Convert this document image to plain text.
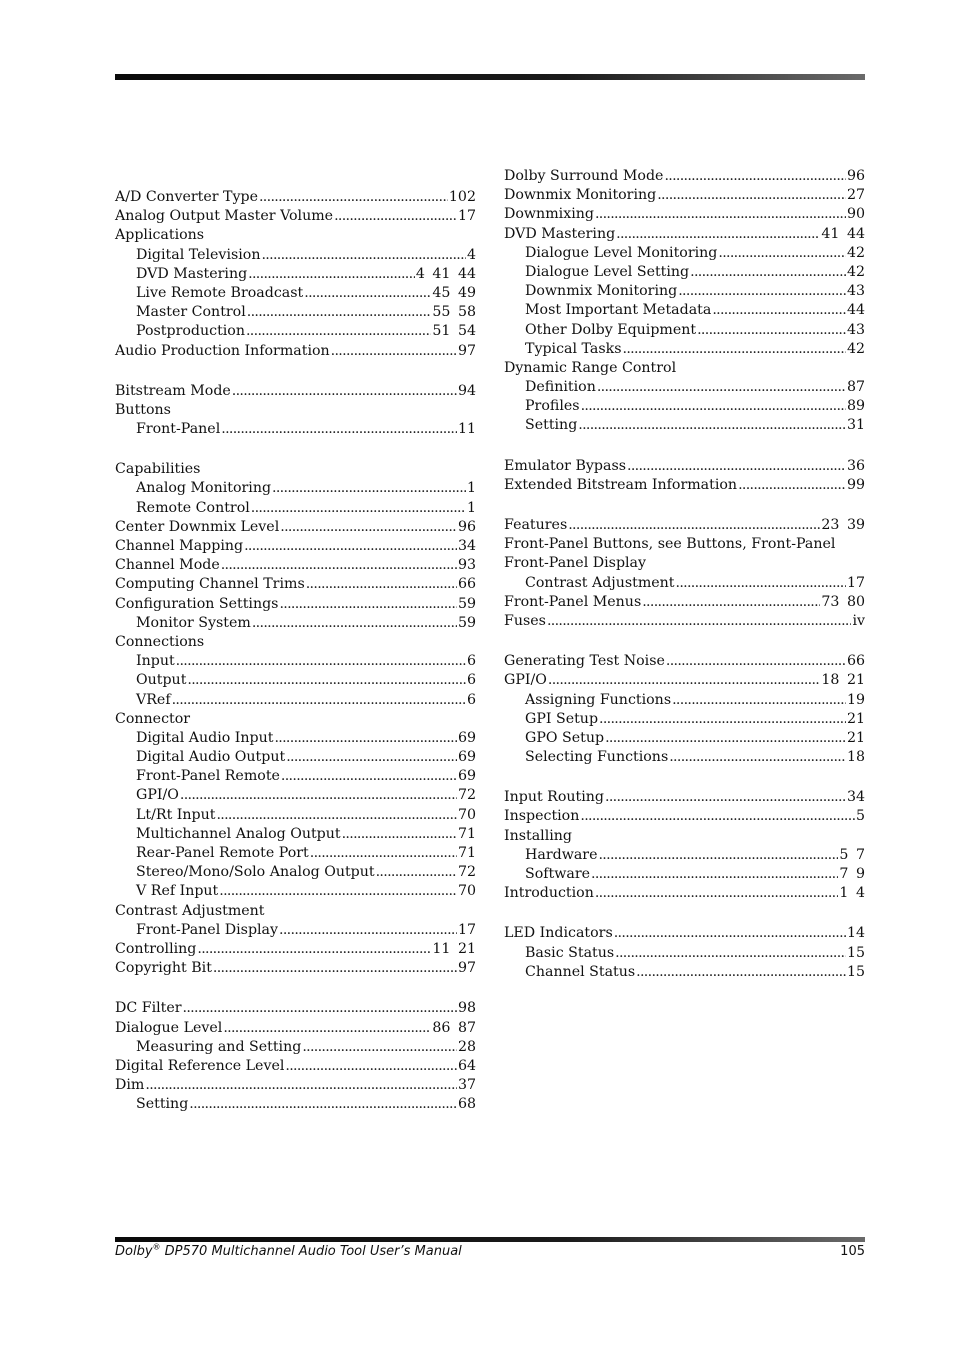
A/D Converter Type . . .	102
Analog Output Master Volume . . .	17
Applications
Digital Television . . .	4
DVD Mastering . . .	4 41 44
Live Remote Broadcast . . .	45 49
Master Control . . .	55 58
Postproduction . . .	51 54
Audio Production Information . . .	97
Bitstream Mode . . .	94
Buttons
Front-Panel . . .	11
Capabilities
Analog Monitoring . . .	1
Remote Control . . .	1
Center Downmix Level . . .	96
Channel Mapping . . .	34
Channel Mode . . .	93
Computing Channel Trims . . .	66
Configuration Settings . . .	59
Monitor System . . .	59
Connections
Input . . .	6
Output . . .	6
VRef . . .	6
Connector
Digital Audio Input . . .	69
Digital Audio Output . . .	69
Front-Panel Remote . . .	69
GPI/O . . .	72
Lt/Rt Input . . .	70
Multichannel Analog Output . . .	71
Rear-Panel Remote Port . . .	71
Stereo/Mono/Solo Analog Output . . .	72
V Ref Input . . .	70
Contrast Adjustment
Front-Panel Display . . .	17
Controlling . . .	11 21
Copyright Bit . . .	97
DC Filter . . .	98
Dialogue Level . . .	86 87
Measuring and Setting . . .	28
Digital Reference Level . . .	64
Dim . . .	37
Setting . . .	68
Dolby Surround Mode . . .	96
Downmix Monitoring . . .	27
Downmixing . . .	90
DVD Mastering . . .	41 44
Dialogue Level Monitoring . . .	42
Dialogue Level Setting . . .	42
Downmix Monitoring . . .	43
Most Important Metadata . . .	44
Other Dolby Equipment . . .	43
Typical Tasks . . .	42
Dynamic Range Control
Definition . . .	87
Profiles . . .	89
Setting . . .	31
Emulator Bypass . . .	36
Extended Bitstream Information . . .	99
Features . . .	23 39
Front-Panel Buttons, see Buttons, Front-Panel
Front-Panel Display
Contrast Adjustment . . .	17
Front-Panel Menus . . .	73 80
Fuses . . .	iv
Generating Test Noise . . .	66
GPI/O . . .	18 21
Assigning Functions . . .	19
GPI Setup . . .	21
GPO Setup . . .	21
Selecting Functions . . .	18
Input Routing . . .	34
Inspection . . .	5
Installing
Hardware . . .	5 7
Software . . .	7 9
Introduction . . .	1 4
LED Indicators . . .	14
Basic Status . . .	15
Channel Status . . .	15
Dolby® DP570 Multichannel Audio Tool User’s Manual	105
